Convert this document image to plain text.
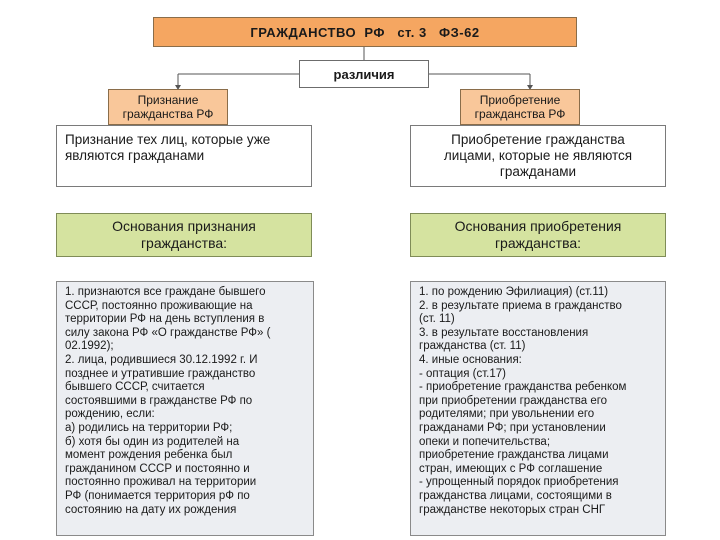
ГРАЖДАНСТВО  РФ   ст. 3   ФЗ-62
различия
Признание
гражданства РФ
Приобретение
гражданства РФ
Признание тех лиц, которые уже
являются гражданами
Приобретение гражданства
лицами, которые не являются
гражданами
Основания признания
гражданства:
Основания приобретения
гражданства:
1. признаются все граждане бывшего
СССР, постоянно проживающие на
территории РФ на день вступления в
силу закона РФ «О гражданстве РФ» (
02.1992);
2. лица, родившиеся 30.12.1992 г. И
позднее и утратившие гражданство
бывшего СССР, считается
состоявшими в гражданстве РФ по
рождению, если:
а) родились на территории РФ;
б) хотя бы один из родителей на
момент рождения ребенка был
гражданином СССР и постоянно и
постоянно проживал на территории
РФ (понимается территория рФ по
состоянию на дату их рождения
1. по рождению Эфилиация) (ст.11)
2. в результате приема в гражданство
(ст. 11)
3. в результате восстановления
гражданства (ст. 11)
4. иные основания:
- оптация (ст.17)
- приобретение гражданства ребенком
при приобретении гражданства его
родителями; при увольнении его
гражданами РФ; при установлении
опеки и попечительства;
приобретение гражданства лицами
стран, имеющих с РФ соглашение
- упрощенный порядок приобретения
гражданства лицами, состоящими в
гражданстве некоторых стран СНГ
